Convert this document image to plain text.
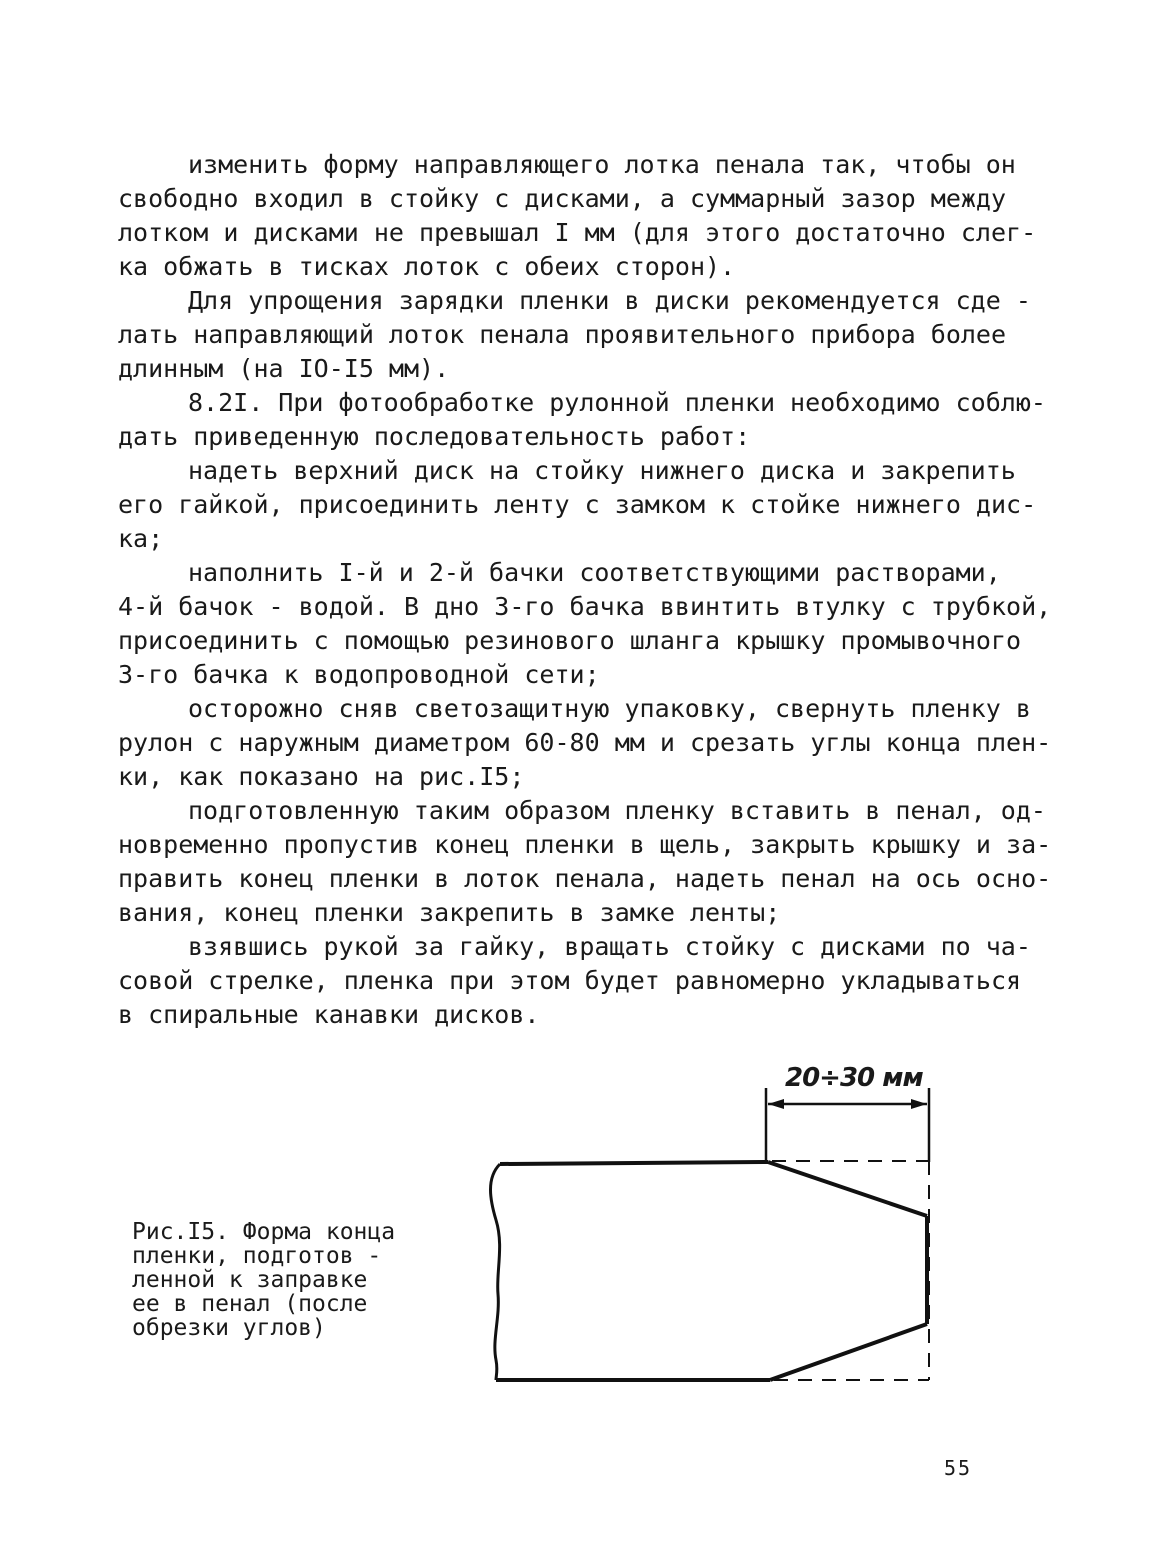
изменить форму направляющего лотка пенала так, чтобы он
свободно входил в стойку с дисками, а суммарный зазор между
лотком и дисками не превышал I мм (для этого достаточно слег-
ка обжать в тисках лоток с обеих сторон).
Для упрощения зарядки пленки в диски рекомендуется сде -
лать направляющий лоток пенала проявительного прибора более
длинным (на IO-I5 мм).
8.2I. При фотообработке рулонной пленки необходимо соблю-
дать приведенную последовательность работ:
надеть верхний диск на стойку нижнего диска и закрепить
его гайкой, присоединить ленту с замком к стойке нижнего дис-
ка;
наполнить I-й и 2-й бачки соответствующими растворами,
4-й бачок - водой. В дно 3-го бачка ввинтить втулку с трубкой,
присоединить с помощью резинового шланга крышку промывочного
3-го бачка к водопроводной сети;
осторожно сняв светозащитную упаковку, свернуть пленку в
рулон с наружным диаметром 60-80 мм и срезать углы конца плен-
ки, как показано на рис.I5;
подготовленную таким образом пленку вставить в пенал, од-
новременно пропустив конец пленки в щель, закрыть крышку и за-
править конец пленки в лоток пенала, надеть пенал на ось осно-
вания, конец пленки закрепить в замке ленты;
взявшись рукой за гайку, вращать стойку с дисками по ча-
совой стрелке, пленка при этом будет равномерно укладываться
в спиральные канавки дисков.
20÷30 мм
Рис.I5. Форма конца
пленки, подготов -
ленной к заправке
ее в пенал (после
обрезки углов)
55
